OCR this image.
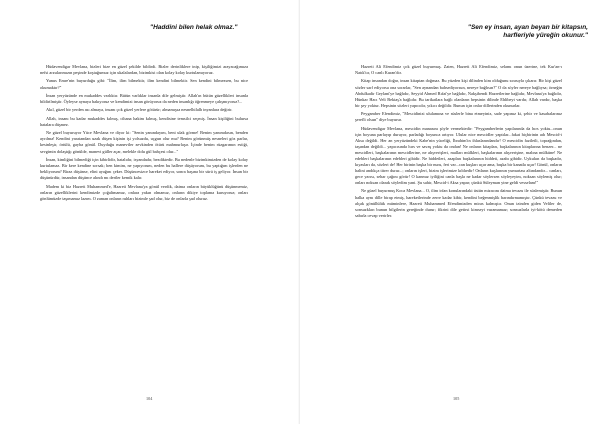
"Haddini bilen helak olmaz."

Hüdavendigar Mevlana, bizleri bize en güzel şekilde bildirdi. Bizler derinliklere inip, kişiliğimizi arayacağımıza nefsi arzularımızın peşinde koştuğumuz için ukalalardan, bizimkisi olan kolay kolay kurtulamıyoruz.

Yunus Emre'nin buyurduğu gibi: "İlim, ilim bilmektir, ilim kendini bilmektir. Sen kendini bilmezsen, bu nice okumaktır?"

İnsan yeryüzünde en mukaddes varlıktır. Bütün varlıklar insanla dile gelmiştir. Allah'ın bütün güzellikleri insanla bildirilmiştir. Öyleyse aynaya bakıyoruz ve kendimizi insan görüyoruz da neden insanlığı öğrenmeye çalışmıyoruz?...

Akıl, güzel bir yerden ası almaya, insanı çok güzel yerlere götürür; almamışsa nesnelhilalh inyanlara değirir.

Allah, insanı bu kadar mukaddes kılmış, cihana hakim kılmış, kendisine temsilci seçmiş. İnsan kişiliğini bulursa hatalara düşmez.

Ne güzel buyuruyor Yüce Mevlana ve diyor ki: "Senin yanındayım, beni ulak görme! Benim yanımdasın, benden ayrılma! Kendini yaratandan uzak düşen kişinin işi yolsuzdu, uçgun olur mu? Benim görünmüş nesneleri göz parlar, kesinleşir, örtülü, gayba gönül. Duyduğu maneviler zevkinden ötürü mahmurlaşır. İçinde benim rüzgarımın estiği, sevgimin dolaştığı gönülde, manevi güller açar, melekle dolu gül bahçesi olur..."

İnsan, kimliğini bilmediği için kibirlidir, hatalıdır, isyandadır, bezdiktedir. Bu nedenle bizimkimizden de kolay kolay kurtulamaz. Bir kere kendine sorsak; ben kimim, ne yapıyorum, neden bu hallere düşüyorum, bu yaptığım işlerden ne bekliyorum? Biraz düşünse, elini ayağını çeker. Düşüncesizce hareket ediyor, sonra başına bir sürü iş geliyor. İnsan bir düşünürdür, insandan düşünce alındı mı dertler kemik kalır.

Madem ki biz Hazreti Muhammed'e, Hazreti Mevlana'ya gönül verdik, daima onların büyüklüğünü düşünmemiz, onların güzelliklerini kendimizde çoğaltmamız, onlara yakın olmamız, onların dikiye toplama kuruyoruz; onları gönlümüzde taşımamız lazım. O zaman onların ruhları bizimle şad olur, biz de onlarla şad oluruz.

104
"Sen ey insan, ayan beyan bir kitapsın, harfleriyle yüreğin okunur."

Hazreti Ali Efendimiz çok güzel buyurmuş. Zaten, Hazreti Ali Efendimiz, selamı onun üzerine, tek Kur'an-ı Natık'tır, O canlı Kuran'dır.

Kitap insandan doğar, insan kitaptan doğmaz. Bu yüzden kişi dilinden kim olduğunu sırasıyla çıkarır. Bir kişi güzel sözler sarf ediyorsa ona sorarlar, "Sen aynandan bahsediyorsun, nereye bağlısın?" O da söyler nereye bağlıysa; örneğin Abdulkadir Geylani'ye bağlıdır, Seyyid Ahmed Rıfai'ye bağlıdır, Nakşibendi Hazretlerine bağlıdır, Mevlana'ya bağlıdır, Hünkar Hacı Veli Bektaş'a bağlıdır. Bu tarikatlara bağlı olanların hepsinin dilinde Ehlibeyt vardır, Allah vardır, başka bir şey yoktur. Hepsinin sözleri yapıcıdır, yıkıcı değildir. Bunun için onlar dillerinden okunurlar.

Peygamber Efendimiz, "Mescidinizi ululamına ve süslerle bina etmeyiniz, sade yapınız ki, şehir ve kasabalarınız şerefli olsun" diye buyurur.

Hüdavendigar Mevlana, mescidin manasını şöyle vermektedir: "Peygamberlerin yapılarında da hırs yoktu...onun için boyuna parlayıp duruyor, parladığı boyunca artıyor. Ulular nice mescidler yaptılar...fakat hiçbirinin adı Mescid-i Aksa değildi. Her an yeryüzündeki Kabe'nin yüceliği, İbrahim'in ihlaslarındandır! O mescidin faziletli, toprağından, taşından değildi... yapıcısında hırs ve savaş yoktu da ondan! Ne onların kitapları, başkalarının kitaplarına benzer... ne mescidleri, başkalarının mescidlerine, ne alışverişleri, malları mülkleri, başkalarının alışverişine, malına mülküne! Ne edebleri başkalarının edebleri gibidir. Ne hiddetleri, azapları başkalarının hiddeti, azabı gibidir. Uykuları da başkadır, kıyasları da, sözleri de! Her birinin başka bir nuru, feri var...can kuşları uçar ama, başka bir kanatla uçar! Gönül, onların halini andıkça titrer durur...; onların işleri, bizim işlerimize kıblıedir! Onların kuşlarının yumurtası altındandır... canları, gece yarısı, sehar çağını görür! O kanmız iyiliğini canla başla ne kadar söylersen söyleyeyim, noksan söylemiş olur; onları noksan olarak söyledim yani. Şu sahir, Mescid-i Aksa yapar; çünkü Süleyman yine geldi vesselam!"

Ne güzel buyurmuş Koca Mevlana... O, ilim irfan konularındaki üstün mizacını daima tevazu ile süslemiştir. Bunun halka aynı dille birap etmiş, hareketlerinde zerre kadar kibir, kendini beğenmişlik barındırmamıştır. Çünkü tevazu ve alçak gönüllülük müminlere, Hazreti Muhammed Efendimizden miras kalmıştır. Onun izinden giden Veliler de, sonsuzkları bunun bilgilerin gereğinde durur; fikrini dile getirsi kimseyi vuramamaz; sonsuzlarla iyi-kötü demeden sabırla cevap verirler.

105
